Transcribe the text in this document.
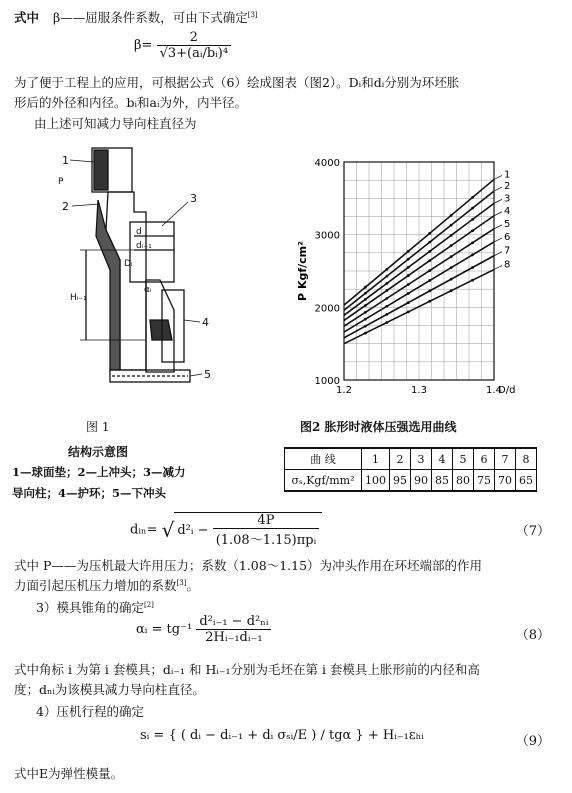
式中 β——屈服条件系数，可由下式确定[3]
$\beta= \frac{2}{\text{√3+(aᵢ/bᵢ)⁴}}$
为了便于工程上的应用，可根据公式（6）绘成图表（图2）。Dᵢ和dᵢ分别为环坯胀
形后的外径和内径。bᵢ和aᵢ为外，内半径。
由上述可知减力导向柱直径为
1
2
3
4
5
d
dᵢ₋₁
Dᵢ
Hᵢ₋₁
αᵢ
P
1000
2000
3000
4000
1.2	1.3	1.4
D/d
P Kgf/cm²
1
2
3
4
5
6
7
8
图 1	图2 胀形时液体压强选用曲线
结构示意图
1—球面垫；2—上冲头；3—减力
导向柱；4—护环；5—下冲头
曲 线	1	2	3	4	5	6	7	8
σₛ,Kgf/mm²	100	95	90	85	80	75	70	65
dᵢₙ= √ d²ᵢ − $\frac{4P}{\text{(1.08～1.15)πpᵢ}}$	（7）
式中 P——为压机最大许用压力；系数（1.08～1.15）为冲头作用在环坯端部的作用
力面引起压机压力增加的系数[3]。
3）模具锥角的确定[2]
αᵢ = $tg^{-1} \frac{\text{d²ᵢ₋₁ − d²ₙᵢ}}{\text{2Hᵢ₋₁dᵢ₋₁}}$	（8）
式中角标 i 为第 i 套模具；dᵢ₋₁ 和 Hᵢ₋₁分别为毛坯在第 i 套模具上胀形前的内径和高
度；dₙᵢ为该模具减力导向柱直径。
4）压机行程的确定
sᵢ = { ( dᵢ − dᵢ₋₁ + dᵢ σₛᵢ/E ) / tgα } + Hᵢ₋₁εₕᵢ	（9）
式中E为弹性模量。
